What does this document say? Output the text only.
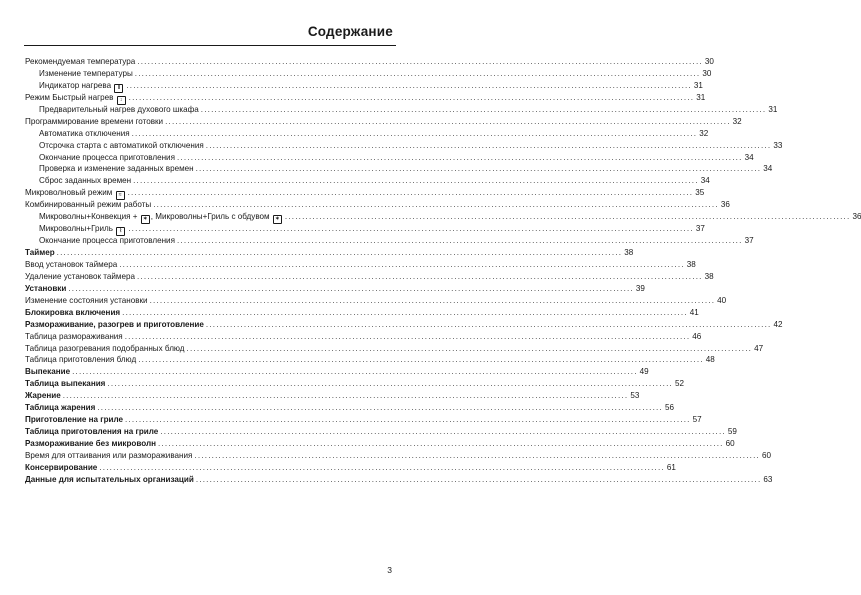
Содержание
Рекомендуемая температура .....	30
Изменение температуры .....	30
Индикатор нагрева ‖ .....	31
Режим Быстрый нагрев ↕ .....	31
Предварительный нагрев духового шкафа .....	31
Программирование времени готовки .....	32
Автоматика отключения .....	32
Отсрочка старта с автоматикой отключения .....	33
Окончание процесса приготовления .....	34
Проверка и изменение заданных времен .....	34
Сброс заданных времен .....	34
Микроволновый режим ≈ .....	35
Комбинированный режим работы .....	36
Микроволны+Конвекция + ✶ , Микроволны+Гриль с обдувом ✶ .....	36
Микроволны+Гриль ⌇ .....	37
Окончание процесса приготовления .....	37
Таймер .....	38
Ввод установок таймера .....	38
Удаление установок таймера .....	38
Установки .....	39
Изменение состояния установки .....	40
Блокировка включения .....	41
Размораживание, разогрев и приготовление .....	42
Таблица размораживания .....	46
Таблица разогревания подобранных блюд .....	47
Таблица приготовления блюд .....	48
Выпекание .....	49
Таблица выпекания .....	52
Жарение .....	53
Таблица жарения .....	56
Приготовление на гриле .....	57
Таблица приготовления на гриле .....	59
Размораживание без микроволн .....	60
Время для оттаивания или размораживания .....	60
Консервирование .....	61
Данные для испытательных организаций .....	63
3
